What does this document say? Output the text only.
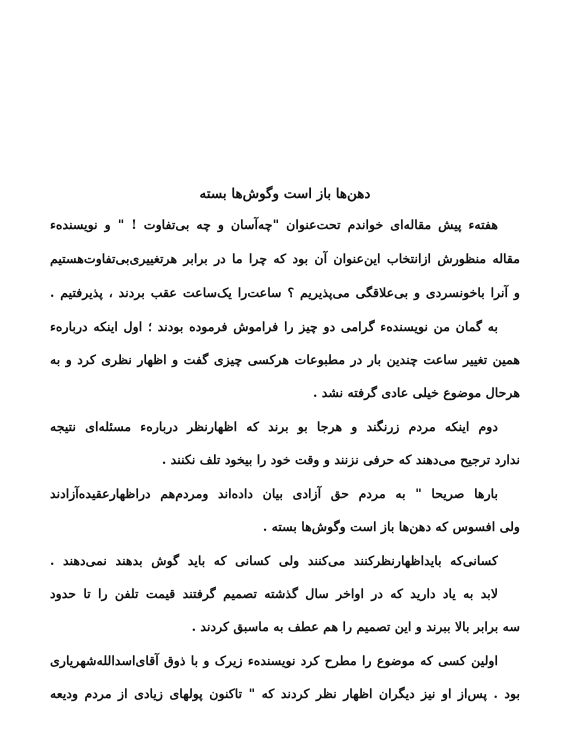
دهن‌ها باز است وگوش‌ها بسته
هفته‌ء پیش مقاله‌ای خواندم تحت‌عنوان "چه‌آسان و چه بی‌تفاوت ! " و نویسنده‌ء
مقاله منظورش ازانتخاب این‌عنوان آن بود که چرا ما در برابر هرتغییری‌بی‌تفاوت‌هستیم
و آنرا باخونسردی و بی‌علاقگی می‌پذیریم ؟ ساعت‌را یک‌ساعت عقب بردند ، پذیرفتیم .
به گمان من نویسنده‌ء گرامی دو چیز را فراموش فرموده بودند ؛ اول اینکه درباره‌ء
همین تغییر ساعت چندین بار در مطبوعات هرکسی چیزی گفت و اظهار نظری کرد و به
هرحال موضوع خیلی عادی گرفته نشد .
دوم اینکه مردم زرنگند و هرجا بو برند که اظهارنظر درباره‌ء مسئله‌ای نتیجه
ندارد ترجیح می‌دهند که حرفی نزنند و وقت خود را بیخود تلف نکنند .
بارها صریحا " به مردم حق آزادی بیان داده‌اند ومردم‌هم دراظهارعقیده‌آزادند
ولی افسوس که دهن‌ها باز است وگوش‌ها بسته .
کسانی‌که بایداظهارنظرکنند می‌کنند ولی کسانی که باید گوش بدهند نمی‌دهند .
لابد به یاد دارید که در اواخر سال گذشته تصمیم گرفتند قیمت تلفن را تا حدود
سه برابر بالا ببرند و این تصمیم را هم عطف به ماسبق کردند .
اولین کسی که موضوع را مطرح کرد نویسنده‌ء زیرک و با ذوق آقای‌اسدالله‌شهریاری
بود . پس‌از او نیز دیگران اظهار نظر کردند که " تاکنون پولهای زیادی از مردم ودیعه
